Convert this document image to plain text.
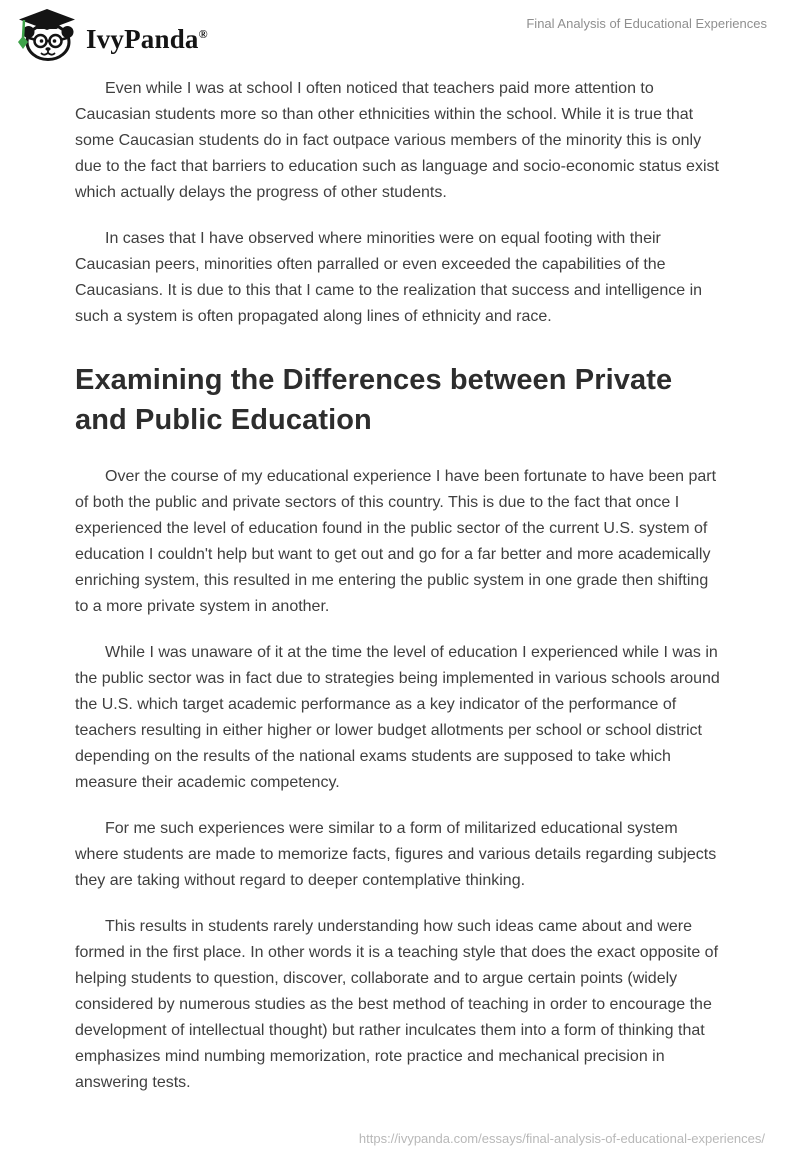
IvyPanda®
Final Analysis of Educational Experiences

Even while I was at school I often noticed that teachers paid more attention to Caucasian students more so than other ethnicities within the school. While it is true that some Caucasian students do in fact outpace various members of the minority this is only due to the fact that barriers to education such as language and socio-economic status exist which actually delays the progress of other students.

In cases that I have observed where minorities were on equal footing with their Caucasian peers, minorities often parralled or even exceeded the capabilities of the Caucasians. It is due to this that I came to the realization that success and intelligence in such a system is often propagated along lines of ethnicity and race.

Examining the Differences between Private and Public Education

Over the course of my educational experience I have been fortunate to have been part of both the public and private sectors of this country. This is due to the fact that once I experienced the level of education found in the public sector of the current U.S. system of education I couldn't help but want to get out and go for a far better and more academically enriching system, this resulted in me entering the public system in one grade then shifting to a more private system in another.

While I was unaware of it at the time the level of education I experienced while I was in the public sector was in fact due to strategies being implemented in various schools around the U.S. which target academic performance as a key indicator of the performance of teachers resulting in either higher or lower budget allotments per school or school district depending on the results of the national exams students are supposed to take which measure their academic competency.

For me such experiences were similar to a form of militarized educational system where students are made to memorize facts, figures and various details regarding subjects they are taking without regard to deeper contemplative thinking.

This results in students rarely understanding how such ideas came about and were formed in the first place. In other words it is a teaching style that does the exact opposite of helping students to question, discover, collaborate and to argue certain points (widely considered by numerous studies as the best method of teaching in order to encourage the development of intellectual thought) but rather inculcates them into a form of thinking that emphasizes mind numbing memorization, rote practice and mechanical precision in answering tests.

https://ivypanda.com/essays/final-analysis-of-educational-experiences/
